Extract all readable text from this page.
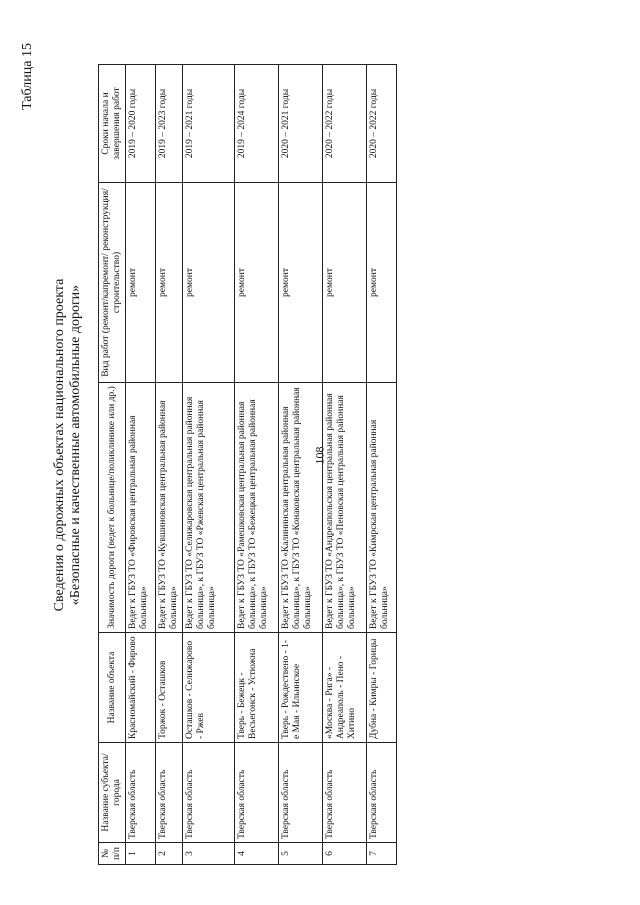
108
Таблица 15
Сведения о дорожных объектах национального проекта «Безопасные и качественные автомобильные дороги»
№ п/п	Название субъекта/города	Название объекта	Значимость дороги (ведет к больнице/поликлинике или др.)	Вид работ (ремонт/капремонт/ реконструкция/строительство)	Сроки начала и завершения работ
1	Тверская область	Красномайский - Фирово	Ведет к ГБУЗ ТО «Фировская центральная районная больница»	ремонт	2019 – 2020 годы
2	Тверская область	Торжок - Осташков	Ведет к ГБУЗ ТО «Кувшиновская центральная районная больница»	ремонт	2019 – 2023 годы
3	Тверская область	Осташков - Селижарово - Ржев	Ведет к ГБУЗ ТО «Селижаровская центральная районная больница», к ГБУЗ ТО «Ржевская центральная районная больница»	ремонт	2019 – 2021 годы
4	Тверская область	Тверь - Бежецк - Весьегонск - Устюжна	Ведет к ГБУЗ ТО «Рамешковская центральная районная больница», к ГБУЗ ТО «Бежецкая центральная районная больница»	ремонт	2019 – 2024 годы
5	Тверская область	Тверь - Рождествено - 1-е Мая - Ильинское	Ведет к ГБУЗ ТО «Калининская центральная районная больница», к ГБУЗ ТО «Конаковская центральная районная больница»	ремонт	2020 – 2021 годы
6	Тверская область	«Москва - Рига» - Андреаполь - Пено - Хитино	Ведет к ГБУЗ ТО «Андреапольская центральная районная больница», к ГБУЗ ТО «Пеновская центральная районная больница»	ремонт	2020 – 2022 годы
7	Тверская область	Дубна - Кимры - Горицы	Ведет к ГБУЗ ТО «Кимрская центральная районная больница»	ремонт	2020 – 2022 годы
